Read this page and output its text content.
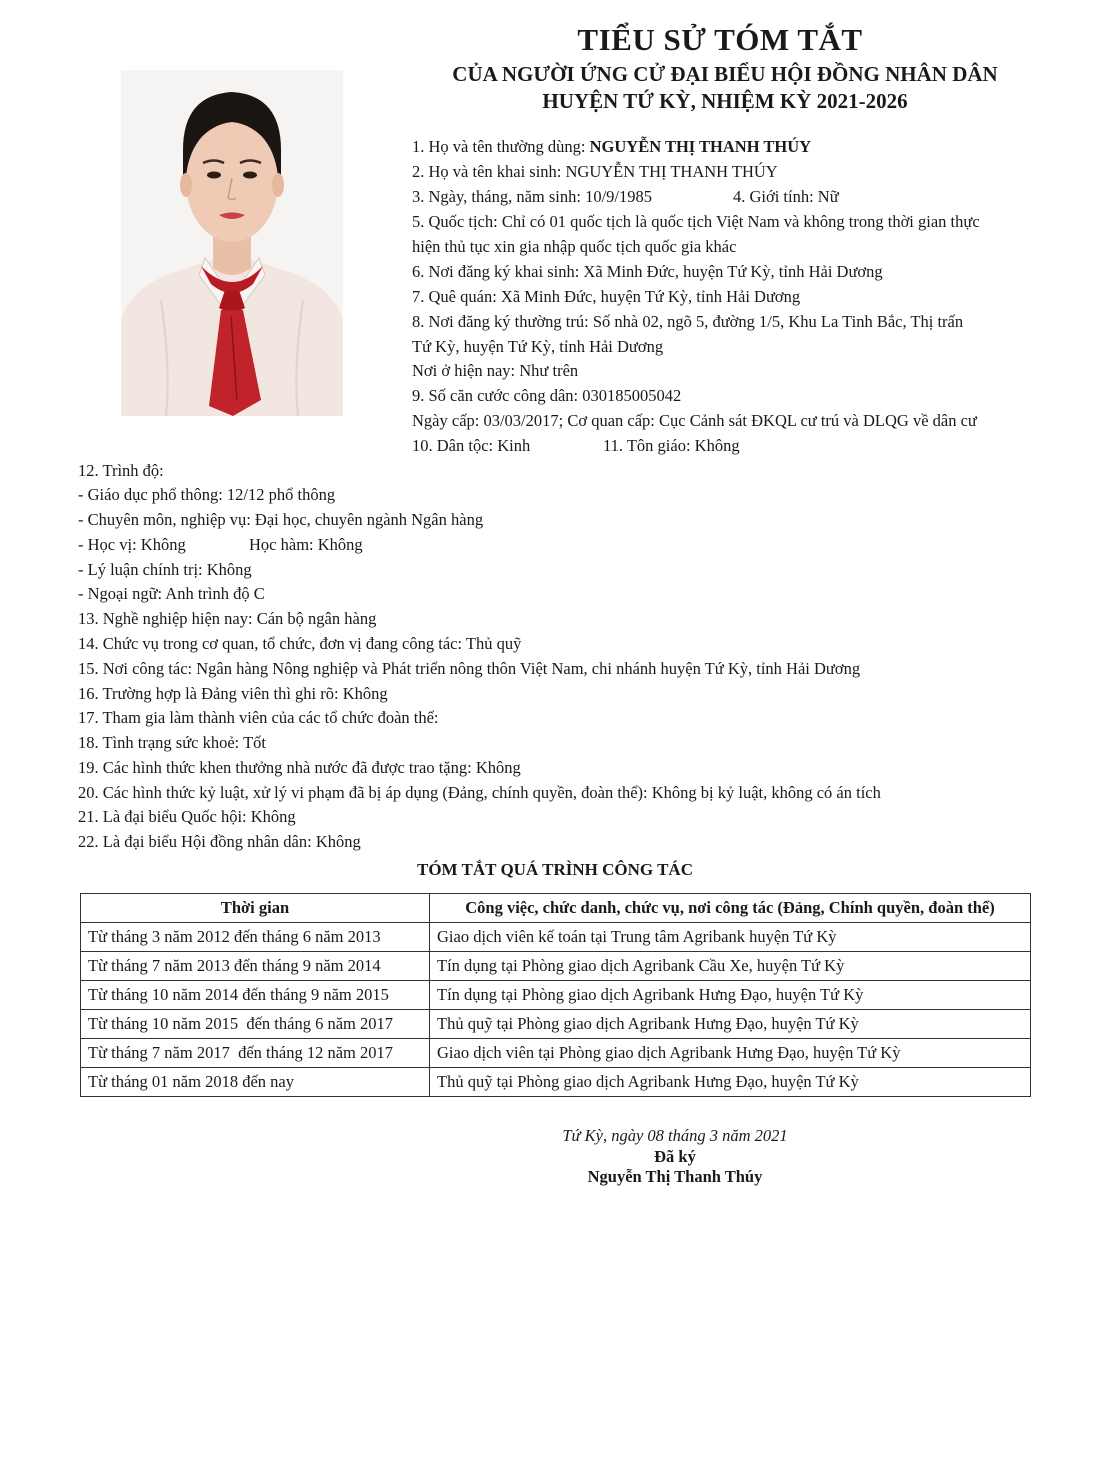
TIỂU SỬ TÓM TẮT
CỦA NGƯỜI ỨNG CỬ ĐẠI BIỂU HỘI ĐỒNG NHÂN DÂN
HUYỆN TỨ KỲ, NHIỆM KỲ 2021-2026
1. Họ và tên thường dùng: NGUYỄN THỊ THANH THÚY
2. Họ và tên khai sinh: NGUYỄN THỊ THANH THÚY
3. Ngày, tháng, năm sinh: 10/9/1985	4. Giới tính: Nữ
5. Quốc tịch: Chỉ có 01 quốc tịch là quốc tịch Việt Nam và không trong thời gian thực
hiện thủ tục xin gia nhập quốc tịch quốc gia khác
6. Nơi đăng ký khai sinh: Xã Minh Đức, huyện Tứ Kỳ, tỉnh Hải Dương
7. Quê quán: Xã Minh Đức, huyện Tứ Kỳ, tỉnh Hải Dương
8. Nơi đăng ký thường trú: Số nhà 02, ngõ 5, đường 1/5, Khu La Tinh Bắc, Thị trấn
Tứ Kỳ, huyện Tứ Kỳ, tỉnh Hải Dương
Nơi ở hiện nay: Như trên
9. Số căn cước công dân: 030185005042
Ngày cấp: 03/03/2017; Cơ quan cấp: Cục Cảnh sát ĐKQL cư trú và DLQG về dân cư
10. Dân tộc: Kinh	11. Tôn giáo: Không
12. Trình độ:
- Giáo dục phổ thông: 12/12 phổ thông
- Chuyên môn, nghiệp vụ: Đại học, chuyên ngành Ngân hàng
- Học vị: Không	Học hàm: Không
- Lý luận chính trị: Không
- Ngoại ngữ: Anh trình độ C
13. Nghề nghiệp hiện nay: Cán bộ ngân hàng
14. Chức vụ trong cơ quan, tổ chức, đơn vị đang công tác: Thủ quỹ
15. Nơi công tác: Ngân hàng Nông nghiệp và Phát triển nông thôn Việt Nam, chi nhánh huyện Tứ Kỳ, tỉnh Hải Dương
16. Trường hợp là Đảng viên thì ghi rõ: Không
17. Tham gia làm thành viên của các tổ chức đoàn thể:
18. Tình trạng sức khoẻ: Tốt
19. Các hình thức khen thưởng nhà nước đã được trao tặng: Không
20. Các hình thức kỷ luật, xử lý vi phạm đã bị áp dụng (Đảng, chính quyền, đoàn thể): Không bị kỷ luật, không có án tích
21. Là đại biểu Quốc hội: Không
22. Là đại biểu Hội đồng nhân dân: Không
TÓM TẮT QUÁ TRÌNH CÔNG TÁC
Thời gian	Công việc, chức danh, chức vụ, nơi công tác (Đảng, Chính quyền, đoàn thể)
Từ tháng 3 năm 2012 đến tháng 6 năm 2013	Giao dịch viên kế toán tại Trung tâm Agribank huyện Tứ Kỳ
Từ tháng 7 năm 2013 đến tháng 9 năm 2014	Tín dụng tại Phòng giao dịch Agribank Cầu Xe, huyện Tứ Kỳ
Từ tháng 10 năm 2014 đến tháng 9 năm 2015	Tín dụng tại Phòng giao dịch Agribank Hưng Đạo, huyện Tứ Kỳ
Từ tháng 10 năm 2015  đến tháng 6 năm 2017	Thủ quỹ tại Phòng giao dịch Agribank Hưng Đạo, huyện Tứ Kỳ
Từ tháng 7 năm 2017  đến tháng 12 năm 2017	Giao dịch viên tại Phòng giao dịch Agribank Hưng Đạo, huyện Tứ Kỳ
Từ tháng 01 năm 2018 đến nay	Thủ quỹ tại Phòng giao dịch Agribank Hưng Đạo, huyện Tứ Kỳ
Tứ Kỳ, ngày 08 tháng 3 năm 2021
Đã ký
Nguyễn Thị Thanh Thúy
